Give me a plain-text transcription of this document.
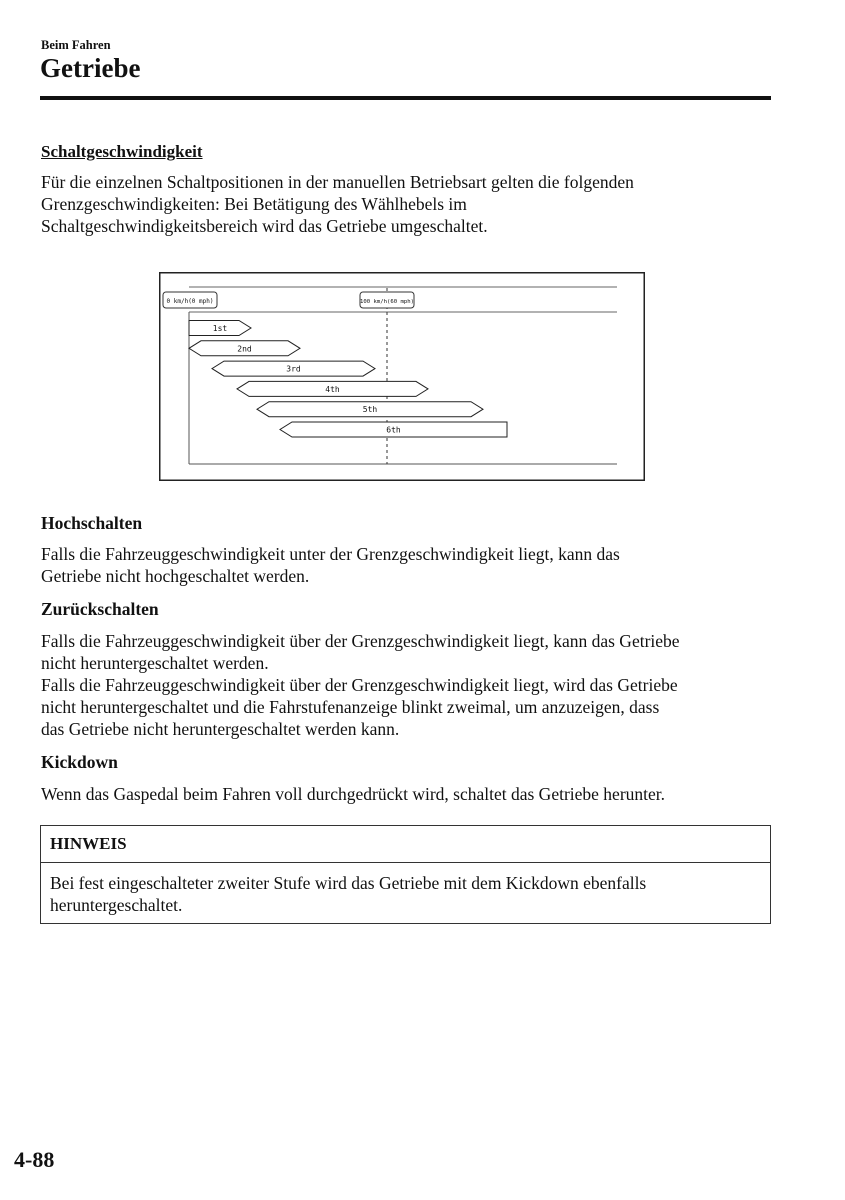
Beim Fahren
Getriebe
Schaltgeschwindigkeit
Für die einzelnen Schaltpositionen in der manuellen Betriebsart gelten die folgenden
Grenzgeschwindigkeiten: Bei Betätigung des Wählhebels im
Schaltgeschwindigkeitsbereich wird das Getriebe umgeschaltet.
0 km/h(0 mph)	100 km/h(60 mph)
1st
2nd
3rd
4th
5th
6th
Hochschalten
Falls die Fahrzeuggeschwindigkeit unter der Grenzgeschwindigkeit liegt, kann das
Getriebe nicht hochgeschaltet werden.
Zurückschalten
Falls die Fahrzeuggeschwindigkeit über der Grenzgeschwindigkeit liegt, kann das Getriebe
nicht heruntergeschaltet werden.
Falls die Fahrzeuggeschwindigkeit über der Grenzgeschwindigkeit liegt, wird das Getriebe
nicht heruntergeschaltet und die Fahrstufenanzeige blinkt zweimal, um anzuzeigen, dass
das Getriebe nicht heruntergeschaltet werden kann.
Kickdown
Wenn das Gaspedal beim Fahren voll durchgedrückt wird, schaltet das Getriebe herunter.
HINWEIS
Bei fest eingeschalteter zweiter Stufe wird das Getriebe mit dem Kickdown ebenfalls
heruntergeschaltet.
4-88
